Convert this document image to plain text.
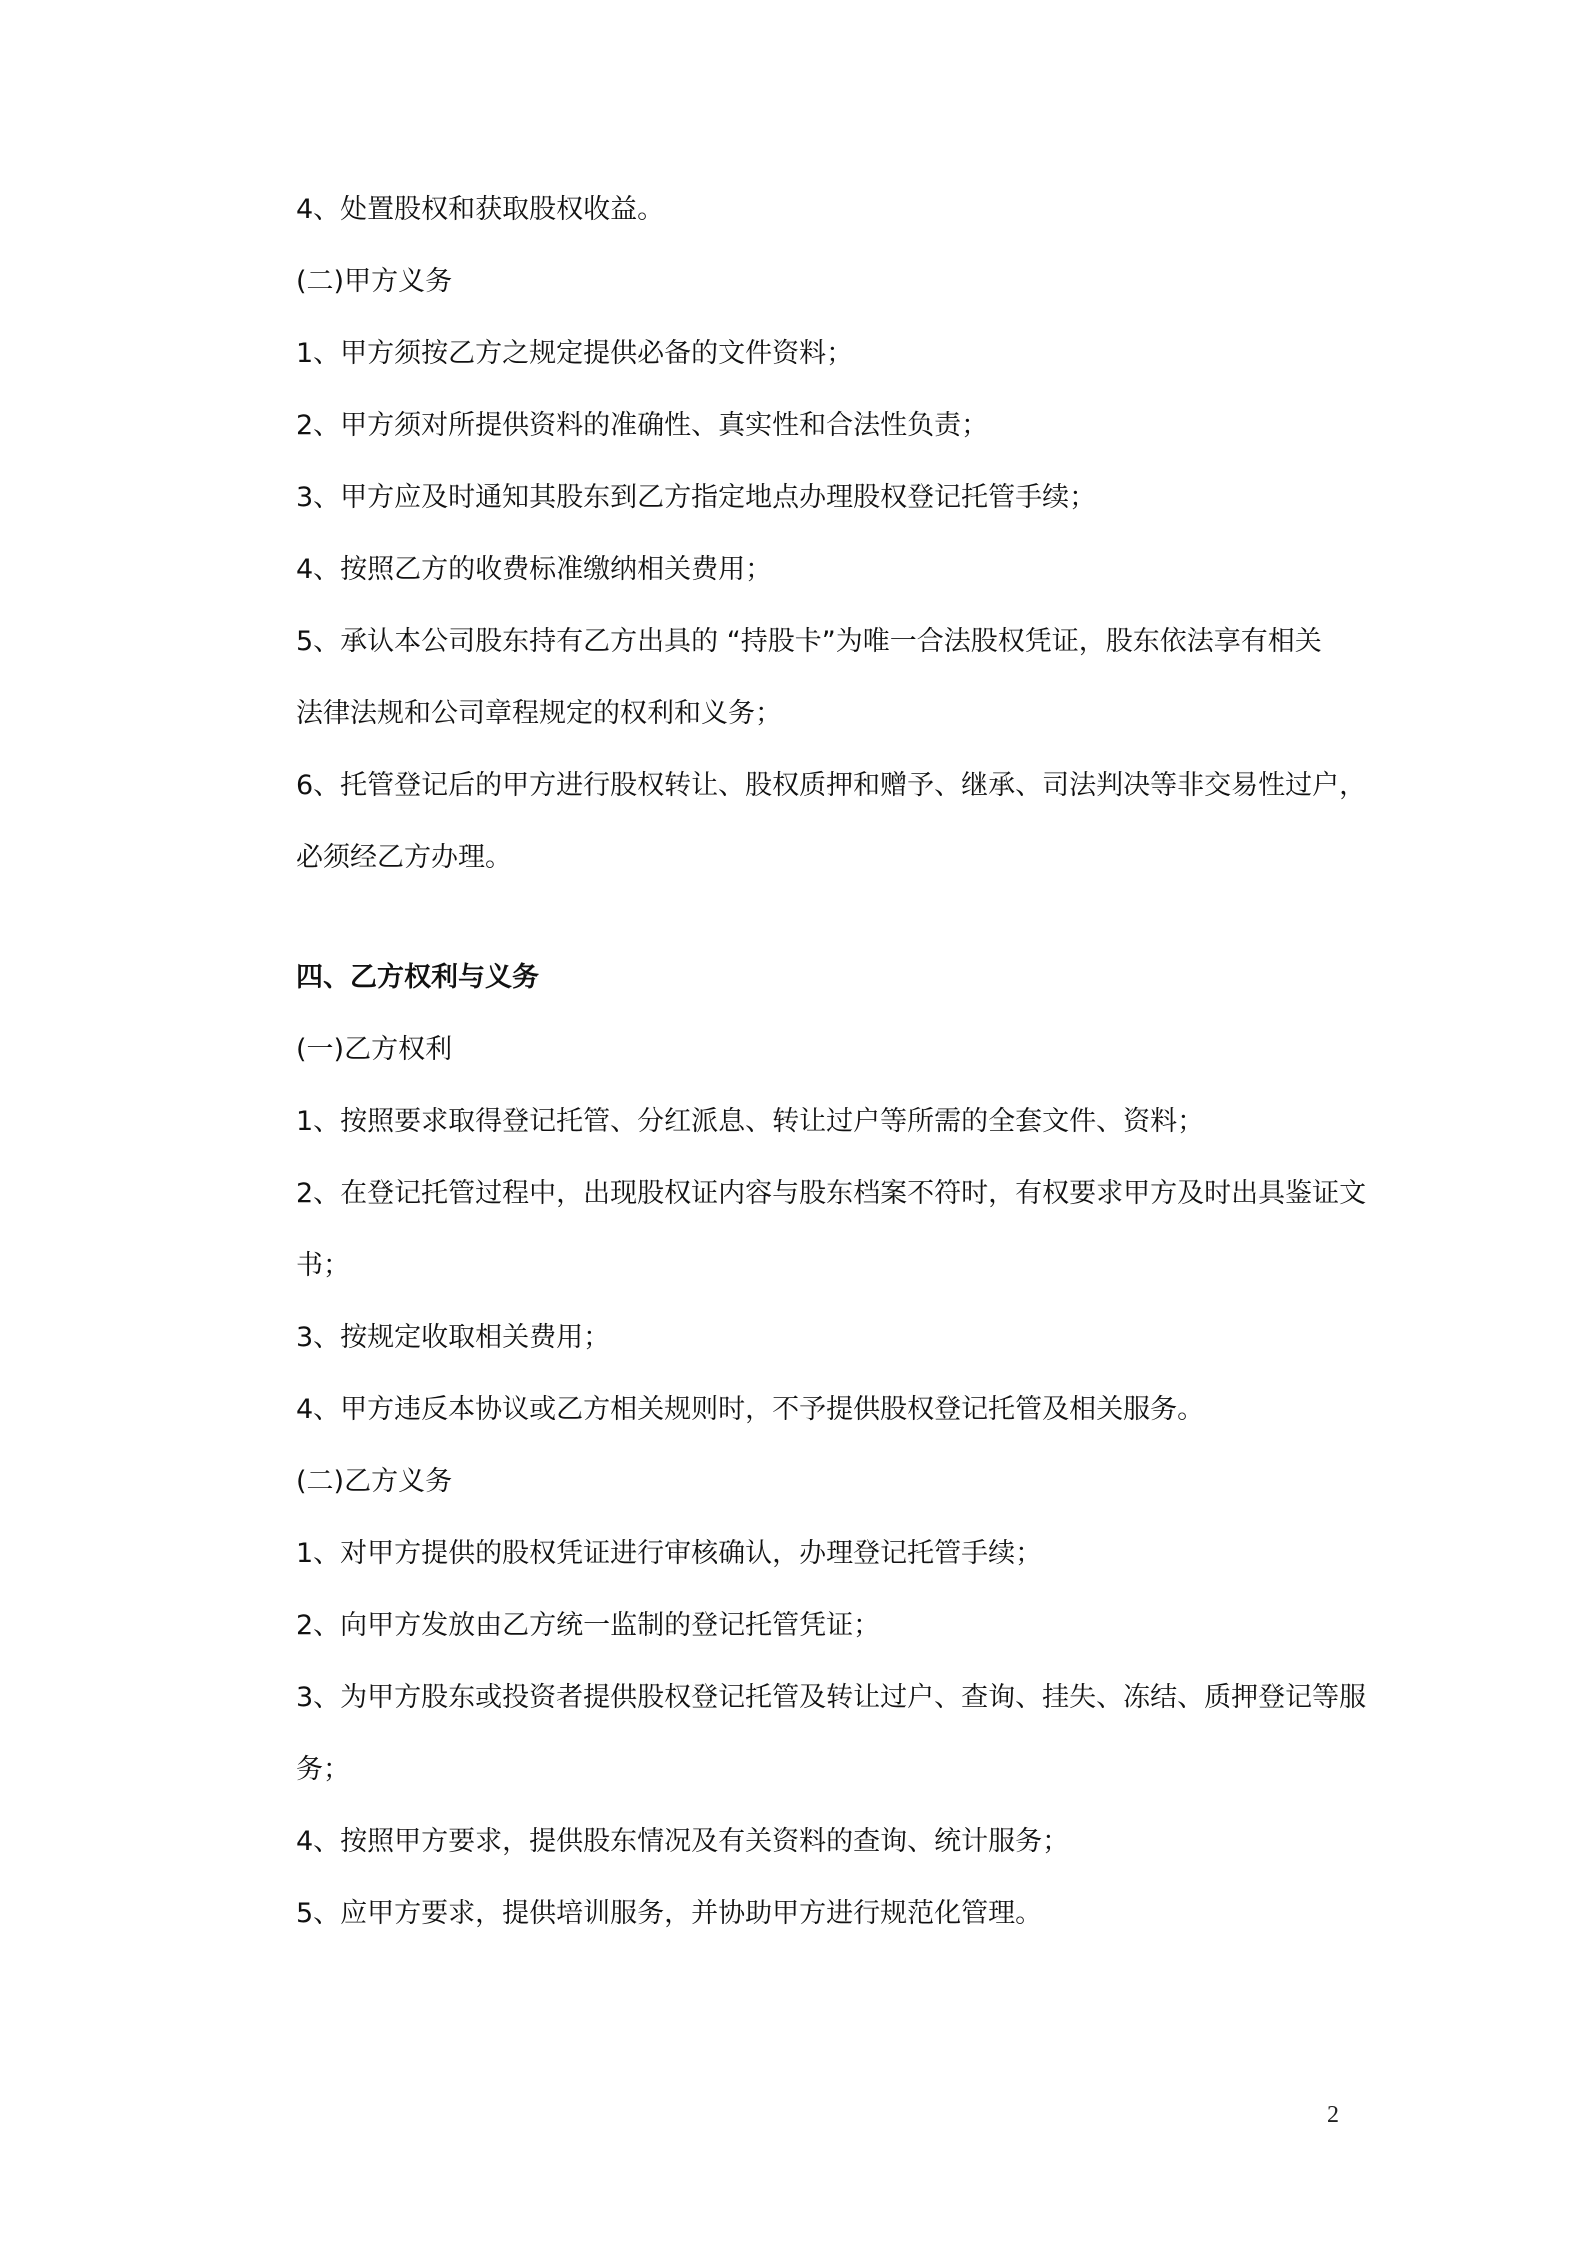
4、处置股权和获取股权收益。
(二)甲方义务
1、甲方须按乙方之规定提供必备的文件资料；
2、甲方须对所提供资料的准确性、真实性和合法性负责；
3、甲方应及时通知其股东到乙方指定地点办理股权登记托管手续；
4、按照乙方的收费标准缴纳相关费用；
5、承认本公司股东持有乙方出具的 “持股卡”为唯一合法股权凭证，股东依法享有相关
法律法规和公司章程规定的权利和义务；
6、托管登记后的甲方进行股权转让、股权质押和赠予、继承、司法判决等非交易性过户，
必须经乙方办理。
四、乙方权利与义务
(一)乙方权利
1、按照要求取得登记托管、分红派息、转让过户等所需的全套文件、资料；
2、在登记托管过程中，出现股权证内容与股东档案不符时，有权要求甲方及时出具鉴证文
书；
3、按规定收取相关费用；
4、甲方违反本协议或乙方相关规则时，不予提供股权登记托管及相关服务。
(二)乙方义务
1、对甲方提供的股权凭证进行审核确认，办理登记托管手续；
2、向甲方发放由乙方统一监制的登记托管凭证；
3、为甲方股东或投资者提供股权登记托管及转让过户、查询、挂失、冻结、质押登记等服
务；
4、按照甲方要求，提供股东情况及有关资料的查询、统计服务；
5、应甲方要求，提供培训服务，并协助甲方进行规范化管理。
2
